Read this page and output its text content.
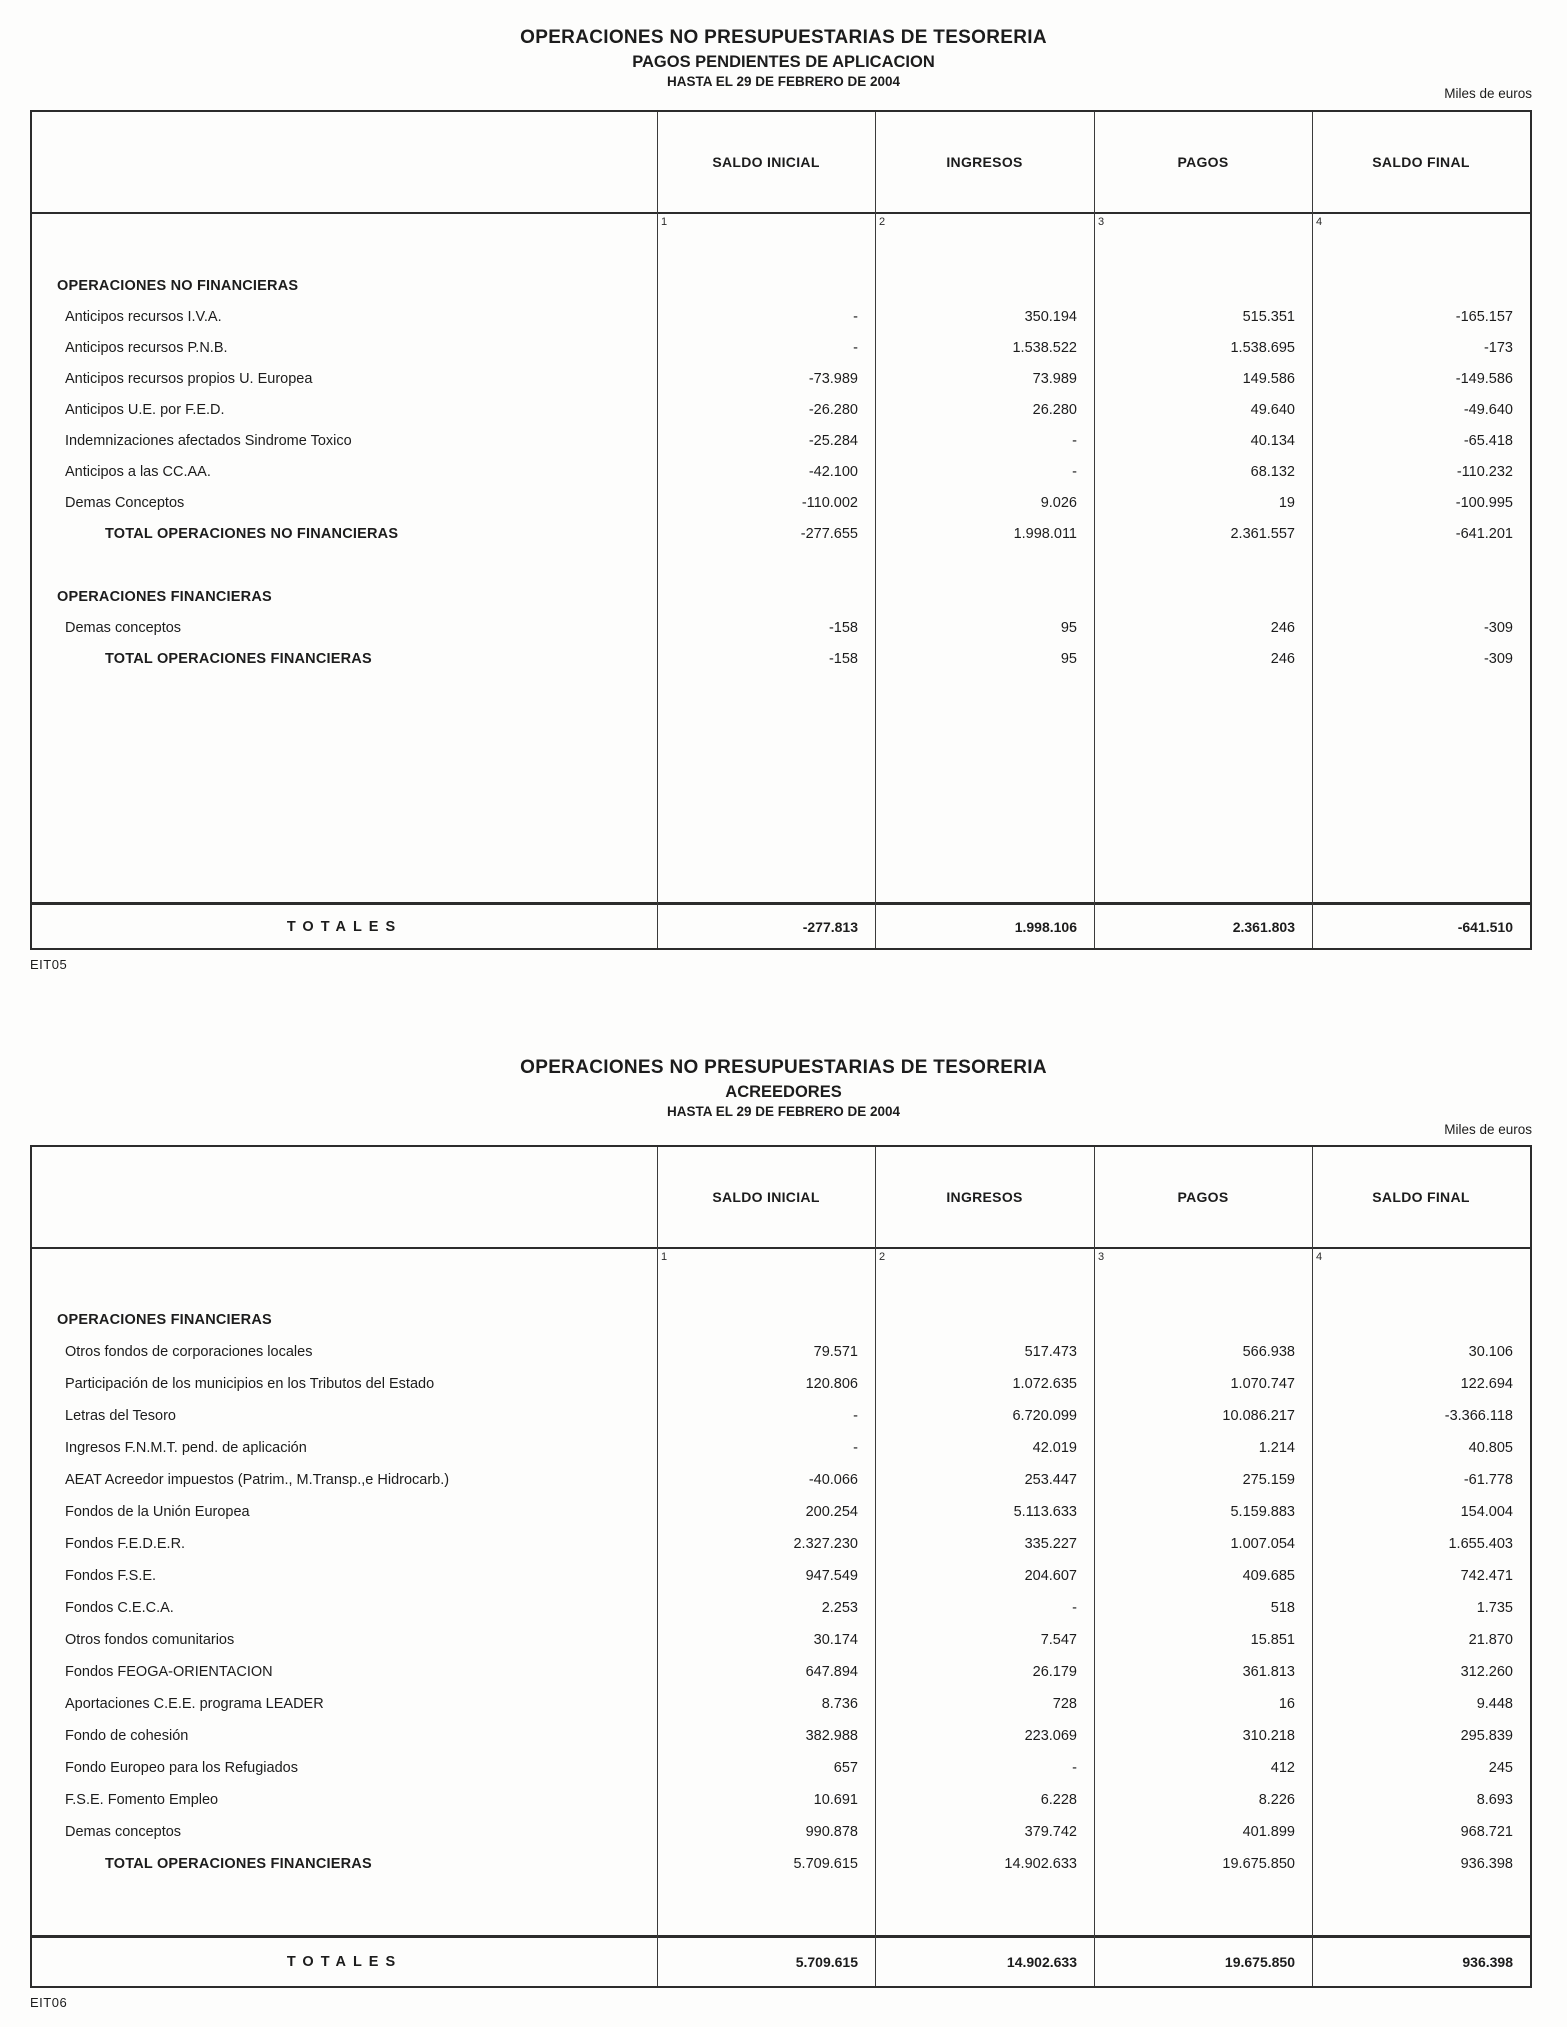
OPERACIONES NO PRESUPUESTARIAS DE TESORERIA
PAGOS PENDIENTES DE APLICACION
HASTA EL 29 DE FEBRERO DE 2004
Miles de euros
SALDO INICIAL	INGRESOS	PAGOS	SALDO FINAL
1	2	3	4
OPERACIONES NO FINANCIERAS
Anticipos recursos I.V.A.	-	350.194	515.351	-165.157
Anticipos recursos P.N.B.	-	1.538.522	1.538.695	-173
Anticipos recursos propios U. Europea	-73.989	73.989	149.586	-149.586
Anticipos U.E. por F.E.D.	-26.280	26.280	49.640	-49.640
Indemnizaciones afectados Sindrome Toxico	-25.284	-	40.134	-65.418
Anticipos a las CC.AA.	-42.100	-	68.132	-110.232
Demas Conceptos	-110.002	9.026	19	-100.995
TOTAL OPERACIONES NO FINANCIERAS	-277.655	1.998.011	2.361.557	-641.201
OPERACIONES FINANCIERAS
Demas conceptos	-158	95	246	-309
TOTAL OPERACIONES FINANCIERAS	-158	95	246	-309
TOTALES	-277.813	1.998.106	2.361.803	-641.510
EIT05
OPERACIONES NO PRESUPUESTARIAS DE TESORERIA
ACREEDORES
HASTA EL 29 DE FEBRERO DE 2004
Miles de euros
SALDO INICIAL	INGRESOS	PAGOS	SALDO FINAL
1	2	3	4
OPERACIONES FINANCIERAS
Otros fondos de corporaciones locales	79.571	517.473	566.938	30.106
Participación de los municipios en los Tributos del Estado	120.806	1.072.635	1.070.747	122.694
Letras del Tesoro	-	6.720.099	10.086.217	-3.366.118
Ingresos F.N.M.T. pend. de aplicación	-	42.019	1.214	40.805
AEAT Acreedor impuestos (Patrim., M.Transp.,e Hidrocarb.)	-40.066	253.447	275.159	-61.778
Fondos de la Unión Europea	200.254	5.113.633	5.159.883	154.004
Fondos F.E.D.E.R.	2.327.230	335.227	1.007.054	1.655.403
Fondos F.S.E.	947.549	204.607	409.685	742.471
Fondos C.E.C.A.	2.253	-	518	1.735
Otros fondos comunitarios	30.174	7.547	15.851	21.870
Fondos FEOGA-ORIENTACION	647.894	26.179	361.813	312.260
Aportaciones C.E.E. programa LEADER	8.736	728	16	9.448
Fondo de cohesión	382.988	223.069	310.218	295.839
Fondo Europeo para los Refugiados	657	-	412	245
F.S.E. Fomento Empleo	10.691	6.228	8.226	8.693
Demas conceptos	990.878	379.742	401.899	968.721
TOTAL OPERACIONES FINANCIERAS	5.709.615	14.902.633	19.675.850	936.398
TOTALES	5.709.615	14.902.633	19.675.850	936.398
EIT06
